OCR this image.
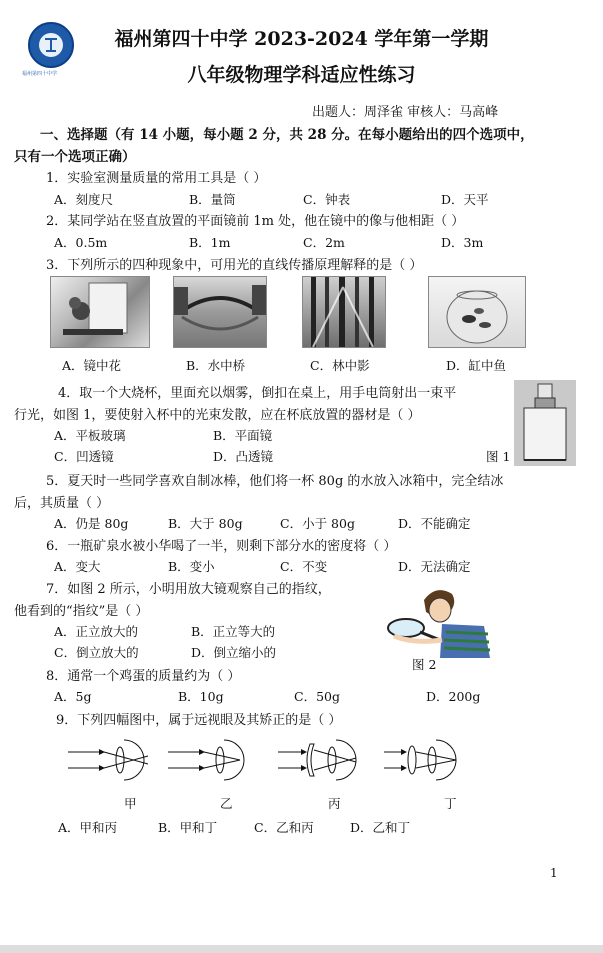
福州第四十中学
福州第四十中学 2023-2024 学年第一学期
八年级物理学科适应性练习
出题人：周泽雀 审核人：马高峰
一、选择题（有 14 小题，每小题 2 分，共 28 分。在每小题给出的四个选项中，
只有一个选项正确）
1．实验室测量质量的常用工具是（ ）
A．刻度尺	B．量筒	C．钟表	D．天平
2．某同学站在竖直放置的平面镜前 1m 处，他在镜中的像与他相距（ ）
A．0.5m	B．1m	C．2m	D．3m
3．下列所示的四种现象中，可用光的直线传播原理解释的是（ ）
A．镜中花	B．水中桥	C．林中影	D．缸中鱼
4．取一个大烧杯，里面充以烟雾，倒扣在桌上，用手电筒射出一束平
行光，如图 1，要使射入杯中的光束发散，应在杯底放置的器材是（ ）
A．平板玻璃	B．平面镜
C．凹透镜	D．凸透镜	图 1
5．夏天时一些同学喜欢自制冰棒，他们将一杯 80g 的水放入冰箱中，完全结冰
后，其质量（ ）
A．仍是 80g	B．大于 80g	C．小于 80g	D．不能确定
6．一瓶矿泉水被小华喝了一半，则剩下部分水的密度将（ ）
A．变大	B．变小	C．不变	D．无法确定
7．如图 2 所示，小明用放大镜观察自己的指纹，
他看到的“指纹”是（ ）
A．正立放大的	B．正立等大的
C．倒立放大的	D．倒立缩小的
图 2
8．通常一个鸡蛋的质量约为（ ）
A．5g	B．10g	C．50g	D．200g
9．下列四幅图中，属于远视眼及其矫正的是（ ）
甲	乙	丙	丁
A．甲和丙	B．甲和丁	C．乙和丙	D．乙和丁
1
